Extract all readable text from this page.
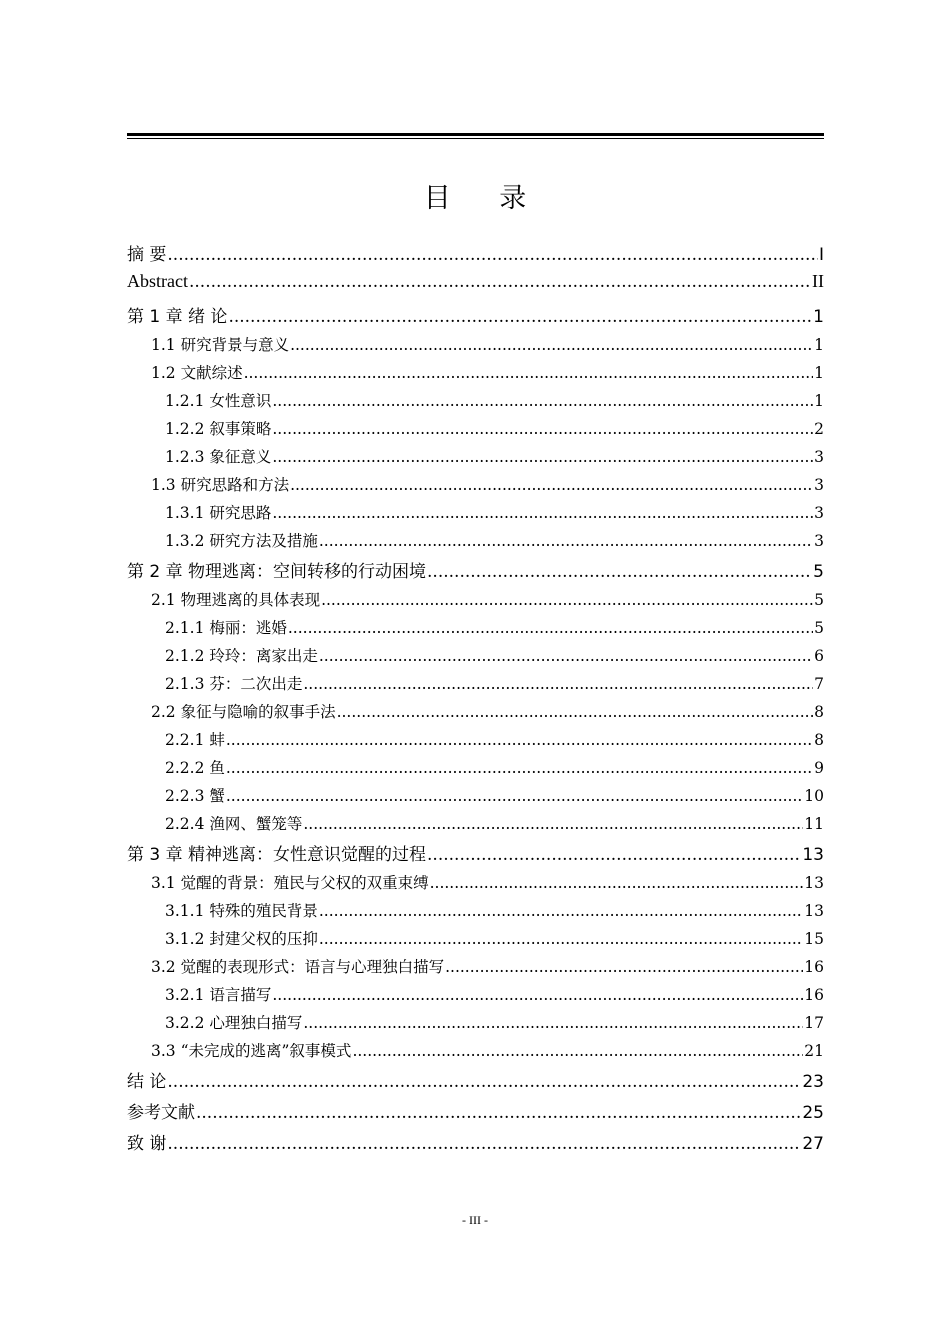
目 录
摘 要 .....	I
Abstract .....	II
第 1 章 绪 论 .....	1
1.1 研究背景与意义 .....	1
1.2 文献综述 .....	1
1.2.1 女性意识 .....	1
1.2.2 叙事策略 .....	2
1.2.3 象征意义 .....	3
1.3 研究思路和方法 .....	3
1.3.1 研究思路 .....	3
1.3.2 研究方法及措施 .....	3
第 2 章 物理逃离：空间转移的行动困境 .....	5
2.1 物理逃离的具体表现 .....	5
2.1.1 梅丽：逃婚 .....	5
2.1.2 玲玲：离家出走 .....	6
2.1.3 芬：二次出走 .....	7
2.2 象征与隐喻的叙事手法 .....	8
2.2.1 蚌 .....	8
2.2.2 鱼 .....	9
2.2.3 蟹 .....	10
2.2.4 渔网、蟹笼等 .....	11
第 3 章 精神逃离：女性意识觉醒的过程 .....	13
3.1 觉醒的背景：殖民与父权的双重束缚 .....	13
3.1.1 特殊的殖民背景 .....	13
3.1.2 封建父权的压抑 .....	15
3.2 觉醒的表现形式：语言与心理独白描写 .....	16
3.2.1 语言描写 .....	16
3.2.2 心理独白描写 .....	17
3.3 “未完成的逃离”叙事模式 .....	21
结 论 .....	23
参考文献 .....	25
致 谢 .....	27
- III -
